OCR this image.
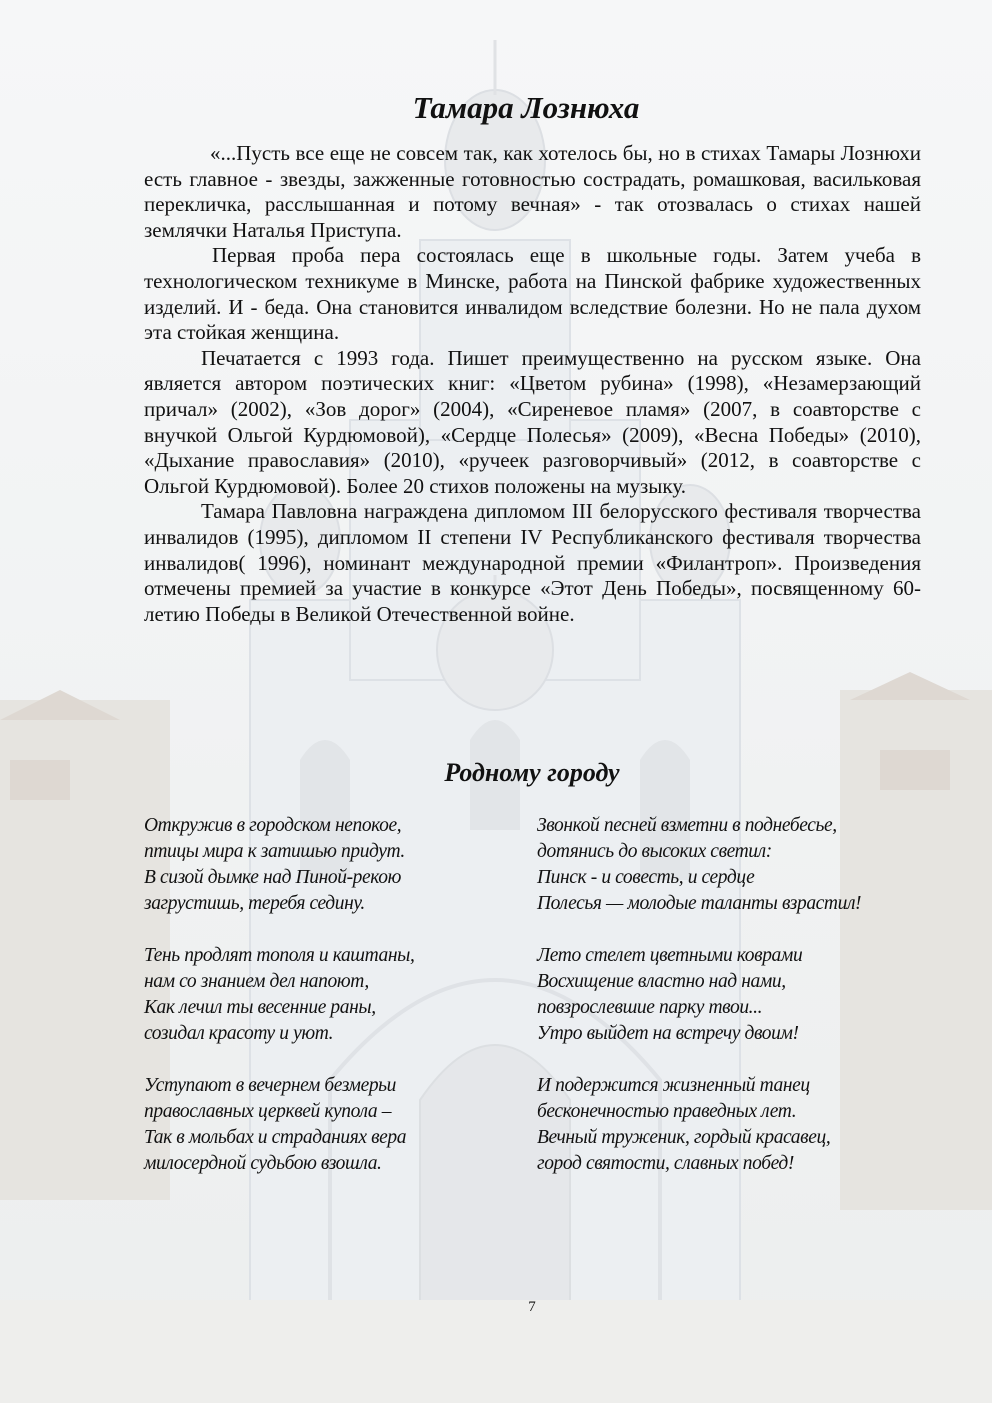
Тамара Лознюха

«...Пусть все еще не совсем так, как хотелось бы, но в стихах Тамары Лознюхи есть главное - звезды, зажженные готовностью сострадать, ромашковая, васильковая перекличка, расслышанная и потому вечная» - так отозвалась о стихах нашей землячки Наталья Приступа.

Первая проба пера состоялась еще в школьные годы. Затем учеба в технологическом техникуме в Минске, работа на Пинской фабрике художественных изделий. И - беда. Она становится инвалидом вследствие болезни. Но не пала духом эта стойкая женщина.

Печатается с 1993 года. Пишет преимущественно на русском языке. Она является автором поэтических книг: «Цветом рубина» (1998), «Незамерзающий причал» (2002), «Зов дорог» (2004), «Сиреневое пламя» (2007, в соавторстве с внучкой Ольгой Курдюмовой), «Сердце Полесья» (2009), «Весна Победы» (2010), «Дыхание православия» (2010), «ручеек разговорчивый» (2012, в соавторстве с Ольгой Курдюмовой). Более 20 стихов положены на музыку.

Тамара Павловна награждена дипломом III белорусского фестиваля творчества инвалидов (1995), дипломом II степени IV Республиканского фестиваля творчества инвалидов( 1996), номинант международной премии «Филантроп». Произведения отмечены премией за участие в конкурсе «Этот День Победы», посвященному 60-летию Победы в Великой Отечественной войне.

Родному городу
Откружив в городском непокое,
птицы мира к затишью придут.
В сизой дымке над Пиной-рекою
загрустишь, теребя седину.
Тень продлят тополя и каштаны,
нам со знанием дел напоют,
Как лечил ты весенние раны,
созидал красоту и уют.
Уступают в вечернем безмерьи
православных церквей купола –
Так в мольбах и страданиях вера
милосердной судьбою взошла.
Звонкой песней взметни в поднебесье,
дотянись до высоких светил:
Пинск - и совесть, и сердце
Полесья — молодые таланты взрастил!
Лето стелет цветными коврами
Восхищение властно над нами,
повзрослевшие парку твои...
Утро выйдет на встречу двоим!
И подержится жизненный танец
бесконечностью праведных лет.
Вечный труженик, гордый красавец,
город святости, славных побед!
7
